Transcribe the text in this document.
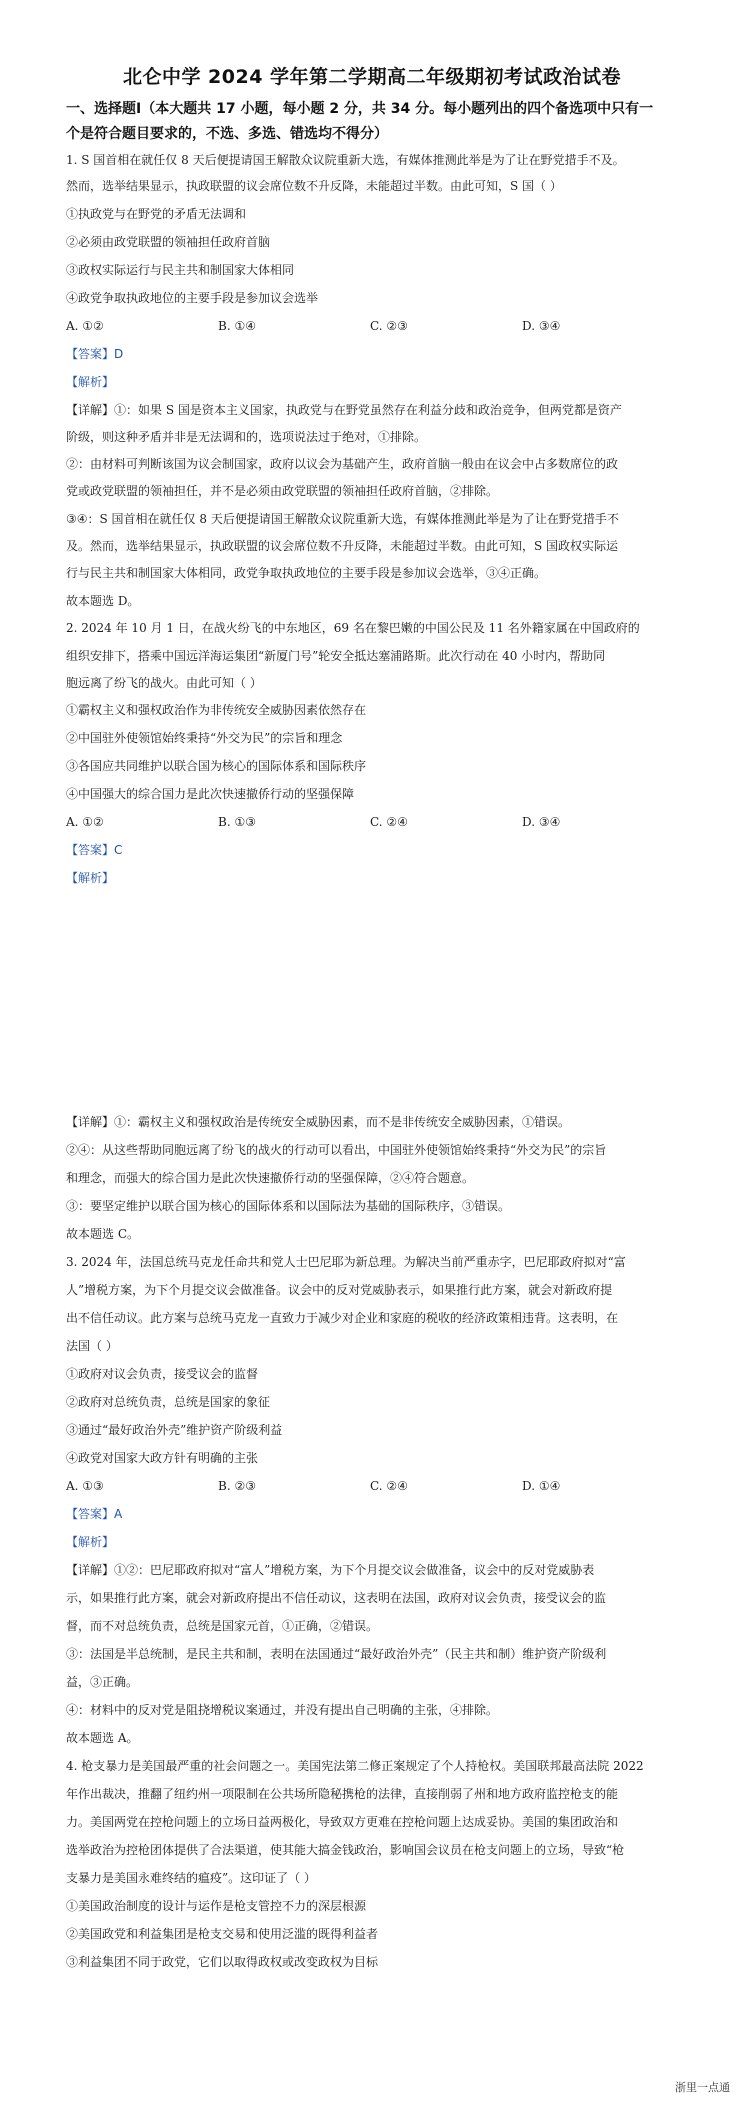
北仑中学 2024 学年第二学期高二年级期初考试政治试卷
一、选择题Ⅰ（本大题共 17 小题，每小题 2 分，共 34 分。每小题列出的四个备选项中只有一
个是符合题目要求的，不选、多选、错选均不得分）
1. S 国首相在就任仅 8 天后便提请国王解散众议院重新大选，有媒体推测此举是为了让在野党措手不及。
然而，选举结果显示，执政联盟的议会席位数不升反降，未能超过半数。由此可知，S 国（ ）
①执政党与在野党的矛盾无法调和
②必须由政党联盟的领袖担任政府首脑
③政权实际运行与民主共和制国家大体相同
④政党争取执政地位的主要手段是参加议会选举
A. ①②	B. ①④	C. ②③	D. ③④
【答案】D
【解析】
【详解】①：如果 S 国是资本主义国家，执政党与在野党虽然存在利益分歧和政治竞争，但两党都是资产
阶级，则这种矛盾并非是无法调和的，选项说法过于绝对，①排除。
②：由材料可判断该国为议会制国家，政府以议会为基础产生，政府首脑一般由在议会中占多数席位的政
党或政党联盟的领袖担任，并不是必须由政党联盟的领袖担任政府首脑，②排除。
③④：S 国首相在就任仅 8 天后便提请国王解散众议院重新大选，有媒体推测此举是为了让在野党措手不
及。然而，选举结果显示，执政联盟的议会席位数不升反降，未能超过半数。由此可知，S 国政权实际运
行与民主共和制国家大体相同，政党争取执政地位的主要手段是参加议会选举，③④正确。
故本题选 D。
2. 2024 年 10 月 1 日，在战火纷飞的中东地区，69 名在黎巴嫩的中国公民及 11 名外籍家属在中国政府的
组织安排下，搭乘中国远洋海运集团“新厦门号”轮安全抵达塞浦路斯。此次行动在 40 小时内，帮助同
胞远离了纷飞的战火。由此可知（ ）
①霸权主义和强权政治作为非传统安全威胁因素依然存在
②中国驻外使领馆始终秉持“外交为民”的宗旨和理念
③各国应共同维护以联合国为核心的国际体系和国际秩序
④中国强大的综合国力是此次快速撤侨行动的坚强保障
A. ①②	B. ①③	C. ②④	D. ③④
【答案】C
【解析】
【详解】①：霸权主义和强权政治是传统安全威胁因素，而不是非传统安全威胁因素，①错误。
②④：从这些帮助同胞远离了纷飞的战火的行动可以看出，中国驻外使领馆始终秉持“外交为民”的宗旨
和理念，而强大的综合国力是此次快速撤侨行动的坚强保障，②④符合题意。
③：要坚定维护以联合国为核心的国际体系和以国际法为基础的国际秩序，③错误。
故本题选 C。
3. 2024 年，法国总统马克龙任命共和党人士巴尼耶为新总理。为解决当前严重赤字，巴尼耶政府拟对“富
人”增税方案，为下个月提交议会做准备。议会中的反对党威胁表示，如果推行此方案，就会对新政府提
出不信任动议。此方案与总统马克龙一直致力于减少对企业和家庭的税收的经济政策相违背。这表明，在
法国（ ）
①政府对议会负责，接受议会的监督
②政府对总统负责，总统是国家的象征
③通过“最好政治外壳”维护资产阶级利益
④政党对国家大政方针有明确的主张
A. ①③	B. ②③	C. ②④	D. ①④
【答案】A
【解析】
【详解】①②：巴尼耶政府拟对“富人”增税方案，为下个月提交议会做准备，议会中的反对党威胁表
示，如果推行此方案，就会对新政府提出不信任动议，这表明在法国，政府对议会负责，接受议会的监
督，而不对总统负责，总统是国家元首，①正确，②错误。
③：法国是半总统制，是民主共和制，表明在法国通过“最好政治外壳”（民主共和制）维护资产阶级利
益，③正确。
④：材料中的反对党是阻挠增税议案通过，并没有提出自己明确的主张，④排除。
故本题选 A。
4. 枪支暴力是美国最严重的社会问题之一。美国宪法第二修正案规定了个人持枪权。美国联邦最高法院 2022
年作出裁决，推翻了纽约州一项限制在公共场所隐秘携枪的法律，直接削弱了州和地方政府监控枪支的能
力。美国两党在控枪问题上的立场日益两极化，导致双方更难在控枪问题上达成妥协。美国的集团政治和
选举政治为控枪团体提供了合法渠道，使其能大搞金钱政治，影响国会议员在枪支问题上的立场，导致“枪
支暴力是美国永难终结的瘟疫”。这印证了（ ）
①美国政治制度的设计与运作是枪支管控不力的深层根源
②美国政党和利益集团是枪支交易和使用泛滥的既得利益者
③利益集团不同于政党，它们以取得政权或改变政权为目标
浙里一点通
